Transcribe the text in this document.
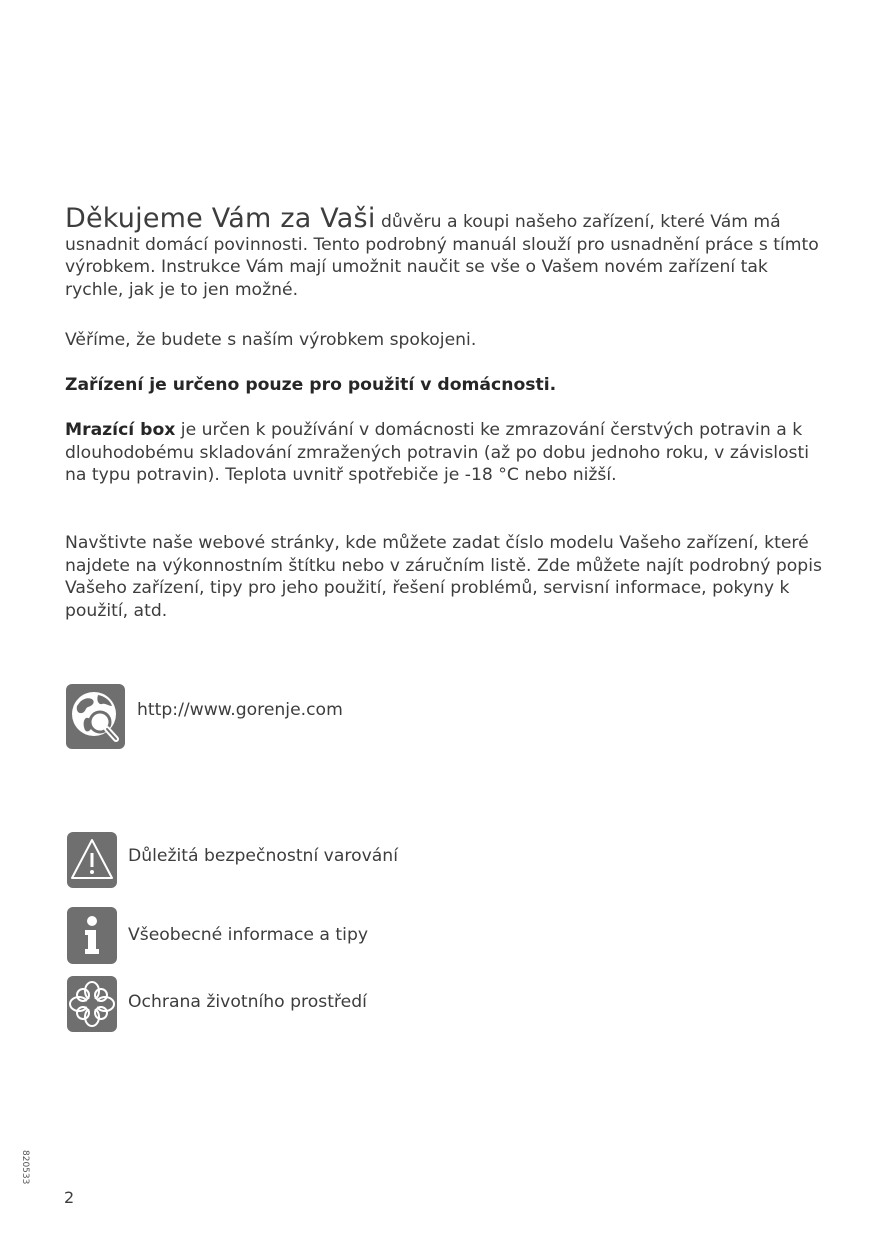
Děkujeme Vám za Vaši důvěru a koupi našeho zařízení, které Vám má usnadnit domácí povinnosti. Tento podrobný manuál slouží pro usnadnění práce s tímto výrobkem. Instrukce Vám mají umožnit naučit se vše o Vašem novém zařízení tak rychle, jak je to jen možné.
Věříme, že budete s naším výrobkem spokojeni.
Zařízení je určeno pouze pro použití v domácnosti.
Mrazící box je určen k používání v domácnosti ke zmrazování čerstvých potravin a k dlouhodobému skladování zmražených potravin (až po dobu jednoho roku, v závislosti na typu potravin). Teplota uvnitř spotřebiče je -18 °C nebo nižší.
Navštivte naše webové stránky, kde můžete zadat číslo modelu Vašeho zařízení, které najdete na výkonnostním štítku nebo v záručním listě. Zde můžete najít podrobný popis Vašeho zařízení, tipy pro jeho použití, řešení problémů, servisní informace, pokyny k použití, atd.
http://www.gorenje.com
Důležitá bezpečnostní varování
Všeobecné informace a tipy
Ochrana životního prostředí
820533
2
